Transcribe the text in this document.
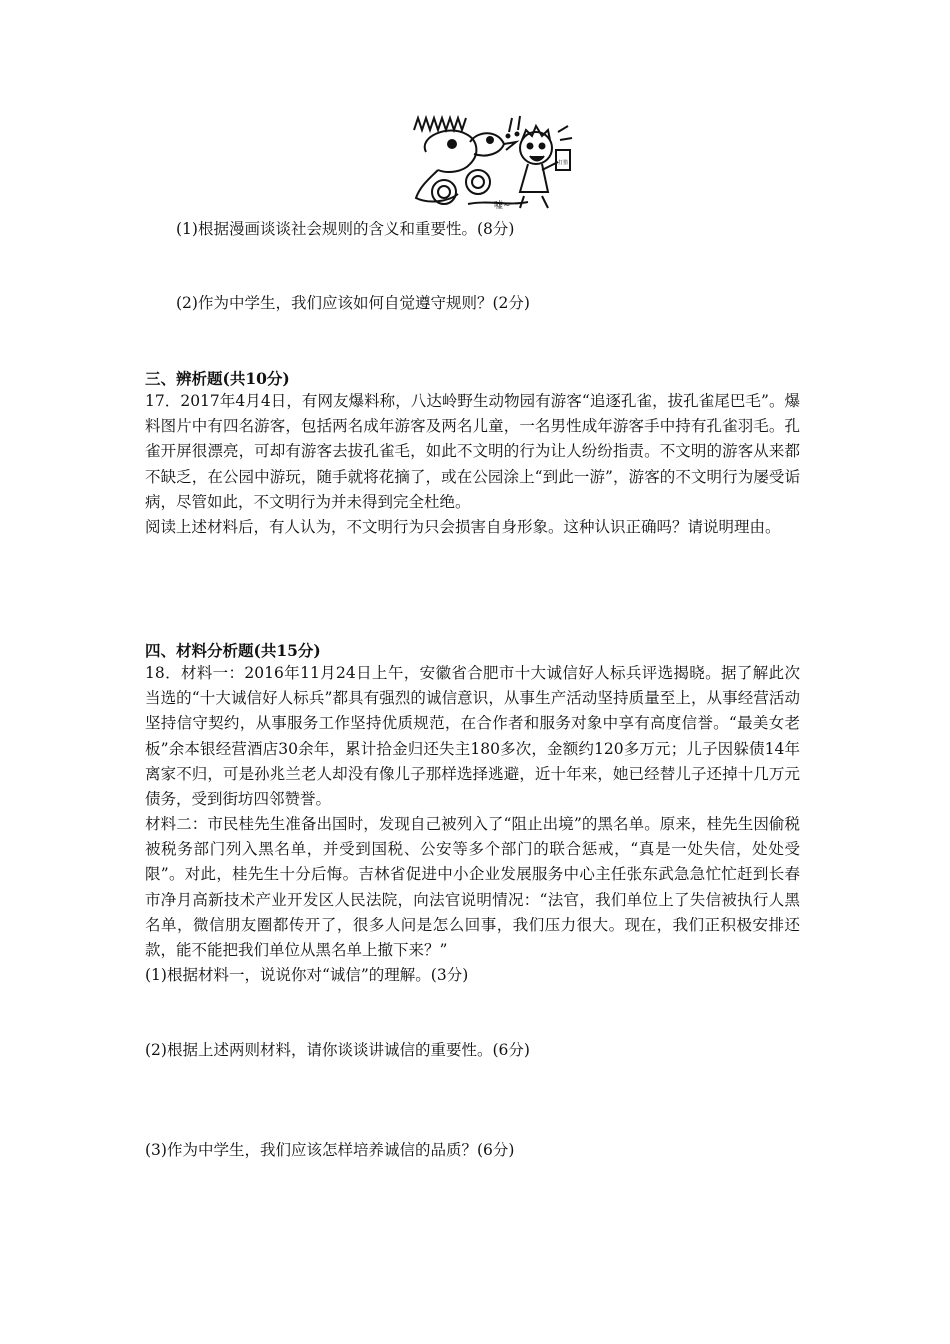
嘘~
打猎
(1)根据漫画谈谈社会规则的含义和重要性。(8分)
(2)作为中学生，我们应该如何自觉遵守规则？(2分)
三、辨析题(共10分)
17．2017年4月4日，有网友爆料称，八达岭野生动物园有游客“追逐孔雀，拔孔雀尾巴毛”。爆料图片中有四名游客，包括两名成年游客及两名儿童，一名男性成年游客手中持有孔雀羽毛。孔雀开屏很漂亮，可却有游客去拔孔雀毛，如此不文明的行为让人纷纷指责。不文明的游客从来都不缺乏，在公园中游玩，随手就将花摘了，或在公园涂上“到此一游”，游客的不文明行为屡受诟病，尽管如此，不文明行为并未得到完全杜绝。
阅读上述材料后，有人认为，不文明行为只会损害自身形象。这种认识正确吗？请说明理由。
四、材料分析题(共15分)
18．材料一：2016年11月24日上午，安徽省合肥市十大诚信好人标兵评选揭晓。据了解此次当选的“十大诚信好人标兵”都具有强烈的诚信意识，从事生产活动坚持质量至上，从事经营活动坚持信守契约，从事服务工作坚持优质规范，在合作者和服务对象中享有高度信誉。“最美女老板”余本银经营酒店30余年，累计拾金归还失主180多次，金额约120多万元；儿子因躲债14年离家不归，可是孙兆兰老人却没有像儿子那样选择逃避，近十年来，她已经替儿子还掉十几万元债务，受到街坊四邻赞誉。
材料二：市民桂先生准备出国时，发现自己被列入了“阻止出境”的黑名单。原来，桂先生因偷税被税务部门列入黑名单，并受到国税、公安等多个部门的联合惩戒，“真是一处失信，处处受限”。对此，桂先生十分后悔。吉林省促进中小企业发展服务中心主任张东武急急忙忙赶到长春市净月高新技术产业开发区人民法院，向法官说明情况：“法官，我们单位上了失信被执行人黑名单，微信朋友圈都传开了，很多人问是怎么回事，我们压力很大。现在，我们正积极安排还款，能不能把我们单位从黑名单上撤下来？”
(1)根据材料一，说说你对“诚信”的理解。(3分)
(2)根据上述两则材料，请你谈谈讲诚信的重要性。(6分)
(3)作为中学生，我们应该怎样培养诚信的品质？(6分)
